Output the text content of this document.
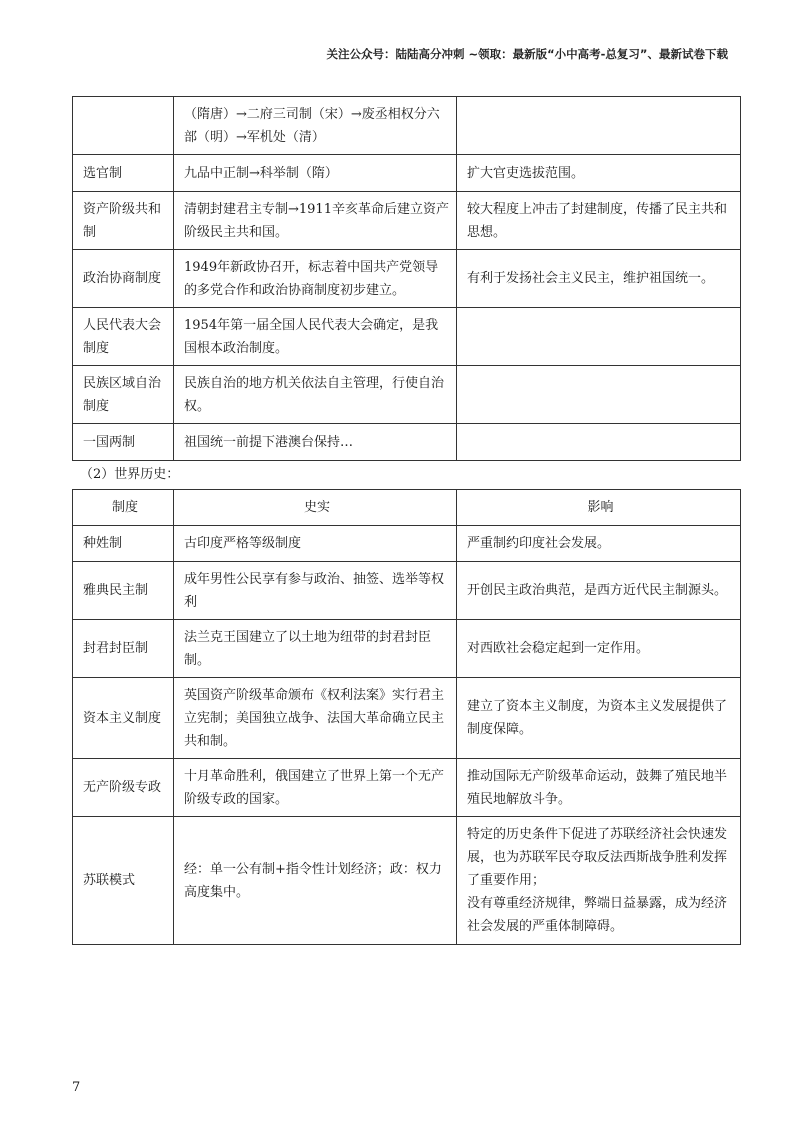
关注公众号：陆陆高分冲刺 ~领取：最新版“小中高考-总复习”、最新试卷下载
	（隋唐）→二府三司制（宋）→废丞相权分六部（明）→军机处（清）	
选官制	九品中正制→科举制（隋）	扩大官吏选拔范围。
资产阶级共和制	清朝封建君主专制→1911辛亥革命后建立资产阶级民主共和国。	较大程度上冲击了封建制度，传播了民主共和思想。
政治协商制度	1949年新政协召开，标志着中国共产党领导的多党合作和政治协商制度初步建立。	有利于发扬社会主义民主，维护祖国统一。
人民代表大会制度	1954年第一届全国人民代表大会确定，是我国根本政治制度。	
民族区域自治制度	民族自治的地方机关依法自主管理，行使自治权。	
一国两制	祖国统一前提下港澳台保持…	
（2）世界历史：
制度	史实	影响
种姓制	古印度严格等级制度	严重制约印度社会发展。
雅典民主制	成年男性公民享有参与政治、抽签、选举等权利	开创民主政治典范，是西方近代民主制源头。
封君封臣制	法兰克王国建立了以土地为纽带的封君封臣制。	对西欧社会稳定起到一定作用。
资本主义制度	英国资产阶级革命颁布《权利法案》实行君主立宪制；美国独立战争、法国大革命确立民主共和制。	建立了资本主义制度，为资本主义发展提供了制度保障。
无产阶级专政	十月革命胜利，俄国建立了世界上第一个无产阶级专政的国家。	推动国际无产阶级革命运动，鼓舞了殖民地半殖民地解放斗争。
苏联模式	经：单一公有制+指令性计划经济；政：权力高度集中。	特定的历史条件下促进了苏联经济社会快速发展，也为苏联军民夺取反法西斯战争胜利发挥了重要作用；
没有尊重经济规律，弊端日益暴露，成为经济社会发展的严重体制障碍。
7
